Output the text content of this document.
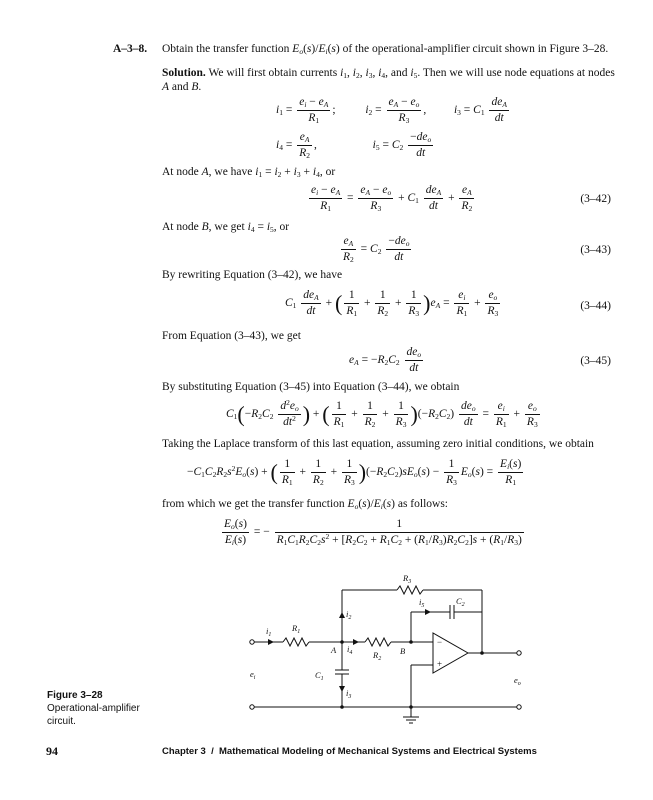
A–3–8. Obtain the transfer function $E_o(s)/E_i(s)$ of the operational-amplifier circuit shown in Figure 3–28.
Solution. We will first obtain currents $i_1$, $i_2$, $i_3$, $i_4$, and $i_5$. Then we will use node equations at nodes A and B.
$i_1 = \frac{e_i - e_A}{R_1}$ ;  $i_2 = \frac{e_A - e_o}{R_3}$ ,  $i_3 = C_1 \frac{de_A}{dt}$
$i_4 = \frac{e_A}{R_2}$ ,	$i_5 = C_2 \frac{-de_o}{dt}$
At node A, we have $i_1 = i_2 + i_3 + i_4$, or
$\frac{e_i - e_A}{R_1} = \frac{e_A - e_o}{R_3} + C_1 \frac{de_A}{dt} + \frac{e_A}{R_2}$	(3–42)
At node B, we get $i_4 = i_5$, or
$\frac{e_A}{R_2} = C_2 \frac{-de_o}{dt}$	(3–43)
By rewriting Equation (3–42), we have
$C_1 \frac{de_A}{dt}$ + ( $\frac{1}{R_1} + \frac{1}{R_2} + \frac{1}{R_3} )e_A = \frac{e_i}{R_1} + \frac{e_o}{R_3}$	(3–44)
From Equation (3–43), we get
$e_A = -R_2C_2 \frac{de_o}{dt}$	(3–45)
By substituting Equation (3–45) into Equation (3–44), we obtain
$C_1(-R_2C_2 \frac{d^2e_o}{dt^2}$ ) + ( $\frac{1}{R_1} + \frac{1}{R_2} + \frac{1}{R_3} )(-R_2C_2) \frac{de_o}{dt} = \frac{e_i}{R_1} + \frac{e_o}{R_3}$
Taking the Laplace transform of this last equation, assuming zero initial conditions, we obtain
$-C_1C_2R_2s^2E_o(s)$ + ( $\frac{1}{R_1} + \frac{1}{R_2} + \frac{1}{R_3} )(-R_2C_2)sE_o(s) - \frac{1}{R_3} E_o(s) = \frac{E_i(s)}{R_1}$
from which we get the transfer function $E_o(s)/E_i(s)$ as follows:
$\frac{E_o(s)}{E_i(s)}$ = − $\frac{1}{R_1C_1R_2C_2s^2 + [R_2C_2 + R_1C_2 + (R_1/R_3)R_2C_2]s + (R_1/R_3)}$
$R_3$
$i_5$	$C_2$
$i_2$
$i_1$
$R_1$
A $i_4$ $R_2$
B
$C_1$
$i_3$
$e_i$	$e_o$
−
+
Figure 3–28
Operational-amplifier circuit.
94	Chapter 3  /  Mathematical Modeling of Mechanical Systems and Electrical Systems
